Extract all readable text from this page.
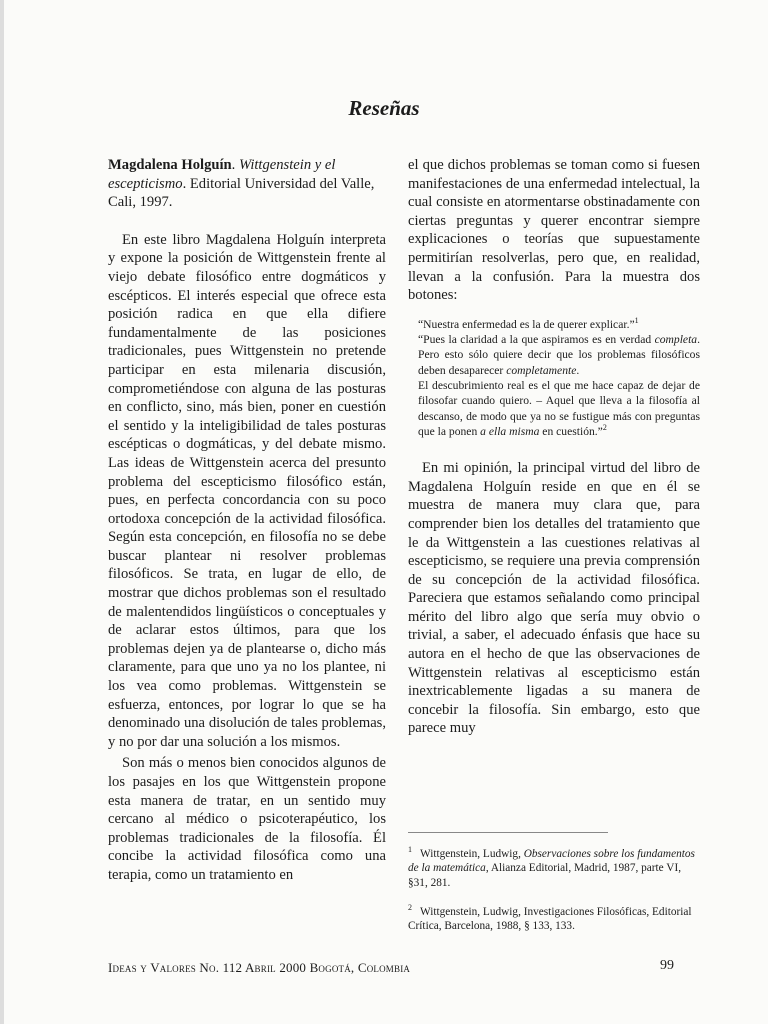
Reseñas

Magdalena Holguín. Wittgenstein y el escepticismo. Editorial Universidad del Valle, Cali, 1997.

En este libro Magdalena Holguín interpreta y expone la posición de Wittgenstein frente al viejo debate filosófico entre dogmáticos y escépticos. El interés especial que ofrece esta posición radica en que ella difiere fundamentalmente de las posiciones tradicionales, pues Wittgenstein no pretende participar en esta milenaria discusión, comprometiéndose con alguna de las posturas en conflicto, sino, más bien, poner en cuestión el sentido y la inteligibilidad de tales posturas escépticas o dogmáticas, y del debate mismo. Las ideas de Wittgenstein acerca del presunto problema del escepticismo filosófico están, pues, en perfecta concordancia con su poco ortodoxa concepción de la actividad filosófica. Según esta concepción, en filosofía no se debe buscar plantear ni resolver problemas filosóficos. Se trata, en lugar de ello, de mostrar que dichos problemas son el resultado de malentendidos lingüísticos o conceptuales y de aclarar estos últimos, para que los problemas dejen ya de plantearse o, dicho más claramente, para que uno ya no los plantee, ni los vea como problemas. Wittgenstein se esfuerza, entonces, por lograr lo que se ha denominado una disolución de tales problemas, y no por dar una solución a los mismos.

Son más o menos bien conocidos algunos de los pasajes en los que Wittgenstein propone esta manera de tratar, en un sentido muy cercano al médico o psicoterapéutico, los problemas tradicionales de la filosofía. Él concibe la actividad filosófica como una terapia, como un tratamiento en

el que dichos problemas se toman como si fuesen manifestaciones de una enfermedad intelectual, la cual consiste en atormentarse obstinadamente con ciertas preguntas y querer encontrar siempre explicaciones o teorías que supuestamente permitirían resolverlas, pero que, en realidad, llevan a la confusión. Para la muestra dos botones:

“Nuestra enfermedad es la de querer explicar.”$^1$

“Pues la claridad a la que aspiramos es en verdad completa. Pero esto sólo quiere decir que los problemas filosóficos deben desaparecer completamente.

El descubrimiento real es el que me hace capaz de dejar de filosofar cuando quiero. – Aquel que lleva a la filosofía al descanso, de modo que ya no se fustigue más con preguntas que la ponen a ella misma en cuestión.”$^2$

En mi opinión, la principal virtud del libro de Magdalena Holguín reside en que en él se muestra de manera muy clara que, para comprender bien los detalles del tratamiento que le da Wittgenstein a las cuestiones relativas al escepticismo, se requiere una previa comprensión de su concepción de la actividad filosófica. Pareciera que estamos señalando como principal mérito del libro algo que sería muy obvio o trivial, a saber, el adecuado énfasis que hace su autora en el hecho de que las observaciones de Wittgenstein relativas al escepticismo están inextricablemente ligadas a su manera de concebir la filosofía. Sin embargo, esto que parece muy

$^1$ Wittgenstein, Ludwig, Observaciones sobre los fundamentos de la matemática, Alianza Editorial, Madrid, 1987, parte VI, §31, 281.
$^2$ Wittgenstein, Ludwig, Investigaciones Filosóficas, Editorial Crítica, Barcelona, 1988, § 133, 133.
Ideas y Valores No. 112 Abril 2000 Bogotá, Colombia	99
